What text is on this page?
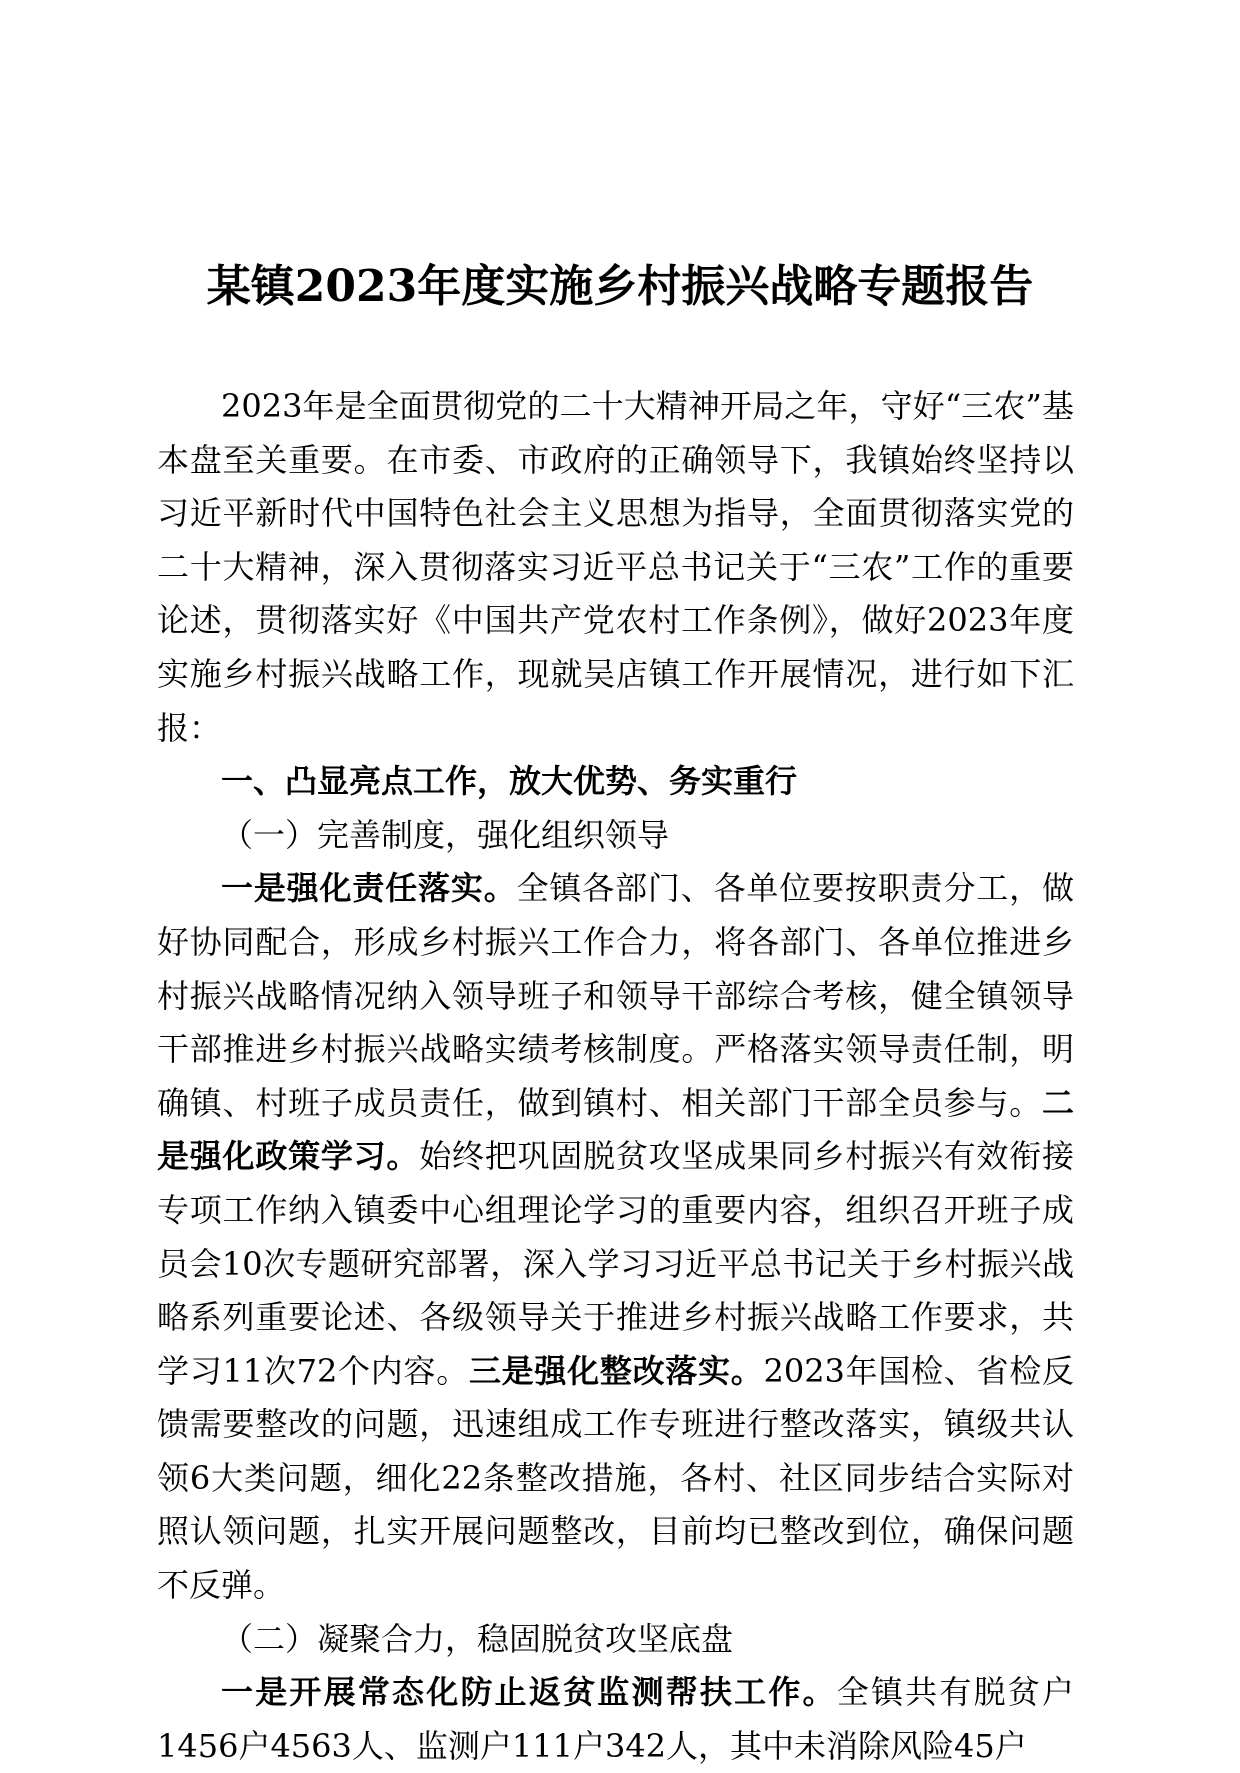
某镇2023年度实施乡村振兴战略专题报告

2023年是全面贯彻党的二十大精神开局之年，守好“三农”基本盘至关重要。在市委、市政府的正确领导下，我镇始终坚持以习近平新时代中国特色社会主义思想为指导，全面贯彻落实党的二十大精神，深入贯彻落实习近平总书记关于“三农”工作的重要论述，贯彻落实好《中国共产党农村工作条例》，做好2023年度实施乡村振兴战略工作，现就吴店镇工作开展情况，进行如下汇报：

一、凸显亮点工作，放大优势、务实重行

（一）完善制度，强化组织领导

一是强化责任落实。全镇各部门、各单位要按职责分工，做好协同配合，形成乡村振兴工作合力，将各部门、各单位推进乡村振兴战略情况纳入领导班子和领导干部综合考核，健全镇领导干部推进乡村振兴战略实绩考核制度。严格落实领导责任制，明确镇、村班子成员责任，做到镇村、相关部门干部全员参与。二是强化政策学习。始终把巩固脱贫攻坚成果同乡村振兴有效衔接专项工作纳入镇委中心组理论学习的重要内容，组织召开班子成员会10次专题研究部署，深入学习习近平总书记关于乡村振兴战略系列重要论述、各级领导关于推进乡村振兴战略工作要求，共学习11次72个内容。三是强化整改落实。2023年国检、省检反馈需要整改的问题，迅速组成工作专班进行整改落实，镇级共认领6大类问题，细化22条整改措施，各村、社区同步结合实际对照认领问题，扎实开展问题整改，目前均已整改到位，确保问题不反弹。

（二）凝聚合力，稳固脱贫攻坚底盘

一是开展常态化防止返贫监测帮扶工作。全镇共有脱贫户1456户4563人、监测户111户342人，其中未消除风险45户
